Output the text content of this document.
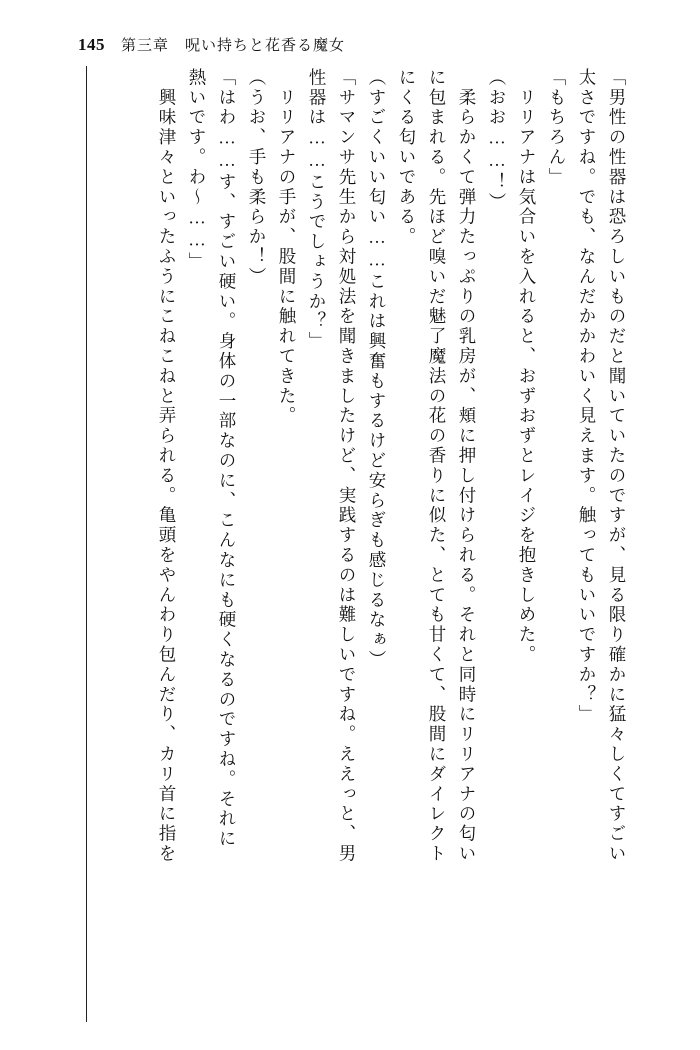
145 第三章　呪い持ちと花香る魔女
「男性の性器は恐ろしいものだと聞いていたのですが、見る限り確かに猛々しくてすごい
太さですね。でも、なんだかかわいく見えます。触ってもいいですか？」
「もちろん」
　リリアナは気合いを入れると、おずおずとレイジを抱きしめた。
（おお……！）
　柔らかくて弾力たっぷりの乳房が、頬に押し付けられる。それと同時にリリアナの匂い
に包まれる。先ほど嗅いだ魅了魔法の花の香りに似た、とても甘くて、股間にダイレクト
にくる匂いである。
（すごくいい匂い……これは興奮もするけど安らぎも感じるなぁ）
「サマンサ先生から対処法を聞きましたけど、実践するのは難しいですね。ええっと、男
性器は……こうでしょうか？」
　リリアナの手が、股間に触れてきた。
（うお、手も柔らか！）
「はわ……す、すごい硬い。身体の一部なのに、こんなにも硬くなるのですね。それに
熱いです。わ～……」
　興味津々といったふうにこねこねと弄られる。亀頭をやんわり包んだり、カリ首に指を
